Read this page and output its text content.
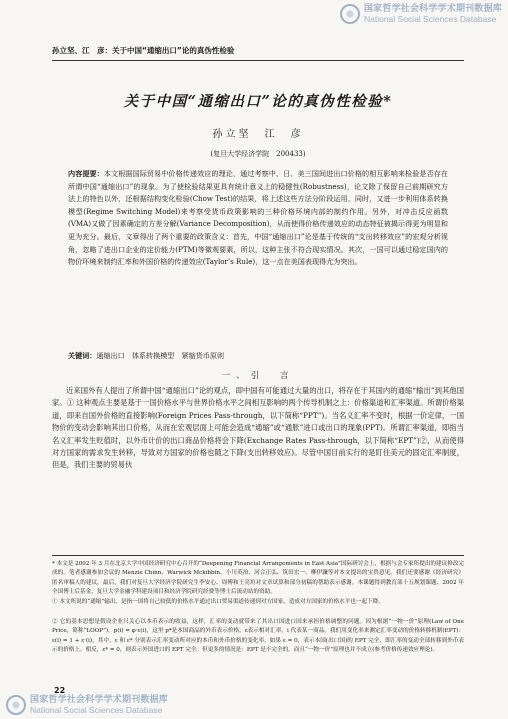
国家哲学社会科学学术期刊数据库
National Social Sciences Database
孙立坚、江　彦：关于中国“通缩出口”论的真伪性检验
关于中国“通缩出口”论的真伪性检验*
孙立坚　江　彦
(复旦大学经济学院　200433)

内容提要：本文根据国际贸易中价格传递效应的理论，通过考察中、日、美三国间进出口价格的相互影响来检验是否存在所谓中国“通缩出口”的现象。为了使检验结果更具有统计意义上的稳健性(Robustness)，论文除了保留自己前期研究方法上的特色以外，还根据结构变化检验(Chow Test)的结果，将上述这些方法分阶段运用，同时，又进一步利用体系转换模型(Regime Switching Model)来考察受货币政策影响的三种价格环境内部的制约作用。另外，对冲击反应函数(VMA)又做了因素确定的方差分解(Variance Decomposition)，从而使得价格传递效应的动态特征被揭示得更为明显和更为充分。最后，文章得出了两个重要的政策含义：首先，中国“通缩出口”论是基于传统的“支出转移效应”的宏观分析视角，忽略了进出口企业的定价能力(PTM)等微观要素，所以，这种主张不符合现实情况。其次，一国可以通过稳定国内的物价环境来制约汇率和外国价格的传递效应(Taylor’s Rule)，这一点在美国表现得尤为突出。

关键词：通缩出口　体系转换模型　紧缩货币原则

一、引　言

近来国外有人提出了所谓中国“通缩出口”论的观点，即中国有可能通过大量的出口，将存在于其国内的通缩“输出”到其他国家。① 这种观点主要是基于一国价格水平与世界价格水平之间相互影响的两个传导机制之上：价格渠道和汇率渠道。所谓价格渠道，即来自国外价格的直接影响(Foreign Prices Pass-through，以下简称“PPT”)。当名义汇率不变时，根据一价定律，一国物价的变动会影响其出口价格，从而在宏观层面上可能会造成“通缩”或“通胀”进口或出口的现象(PPT)。所谓汇率渠道，即指当名义汇率发生贬值时，以外币计价的出口商品价格将会下降(Exchange Rates Pass-through，以下简称“EPT”)②，从而使得对方国家的需求发生转移，导致对方国家的价格也随之下降(支出转移效应)。尽管中国目前实行的是盯住美元的固定汇率制度，但是，我们主要的贸易伙

* 本文是 2002 年 3 月在北京大学中国经济研究中心召开的“Deepening Financial Arrangements in East Asia”国际研讨会上，根据与会专家所提出的建议修改完成的。笔者感谢参加会议的 Menzie Chinn、Warwick Mckibbin、小川英治、河合正弘、筑田宏一、柳伊濂等对本文提出的宝贵意见。我们还要感谢《经济研究》匿名审稿人的建议。最后，我们对复旦大学经济学院研究生李安心、周傅和王亮垣对文章试算和部分初稿的帮助表示感谢。本课题得到教育部十五规划课题、2002 年全国博士后基金、复旦大学金融学科建设项目和经济学院研究经费等博士后流动站的资助。

① 本文所说的“通缩”输出，是指一国将自己较低的价格水平通过出口贸易渠道传递到对方国家，造成对方国家的价格水平也一起下降。

② 它的基本思想是假设企业只关心以本币表示的收益，这样，汇率的变动就带来了其出口国进口国来承担价格调整的问题。因为根据“一物一价”原理(Law of One Price，简称“LOOP”)，p(i) = φ·ε(i)，这里 p*是本国商品的外币表示价格，ε表示相对汇率，i 代表某一商品。我们用变化率来测定汇率变动的价格转移机制(EPT)：ε(i) = 1 + ε·(i)，其中，ε 和 ε* 分别表示汇率变动所对应的本币和外币价格的变化率。如果 ε = 0，表示本国(出口国)的 EPT 完全，即汇率的变动全部转移到外币表示的价格上。相反，ε* = 0，则表示外国进口的 EPT 完全。但更多的情况是：EPT 是不完全的，而且“一物一价”原理也并不成立(参考价格传递效应理论)。

22
国家哲学社会科学学术期刊数据库
National Social Sciences Database
